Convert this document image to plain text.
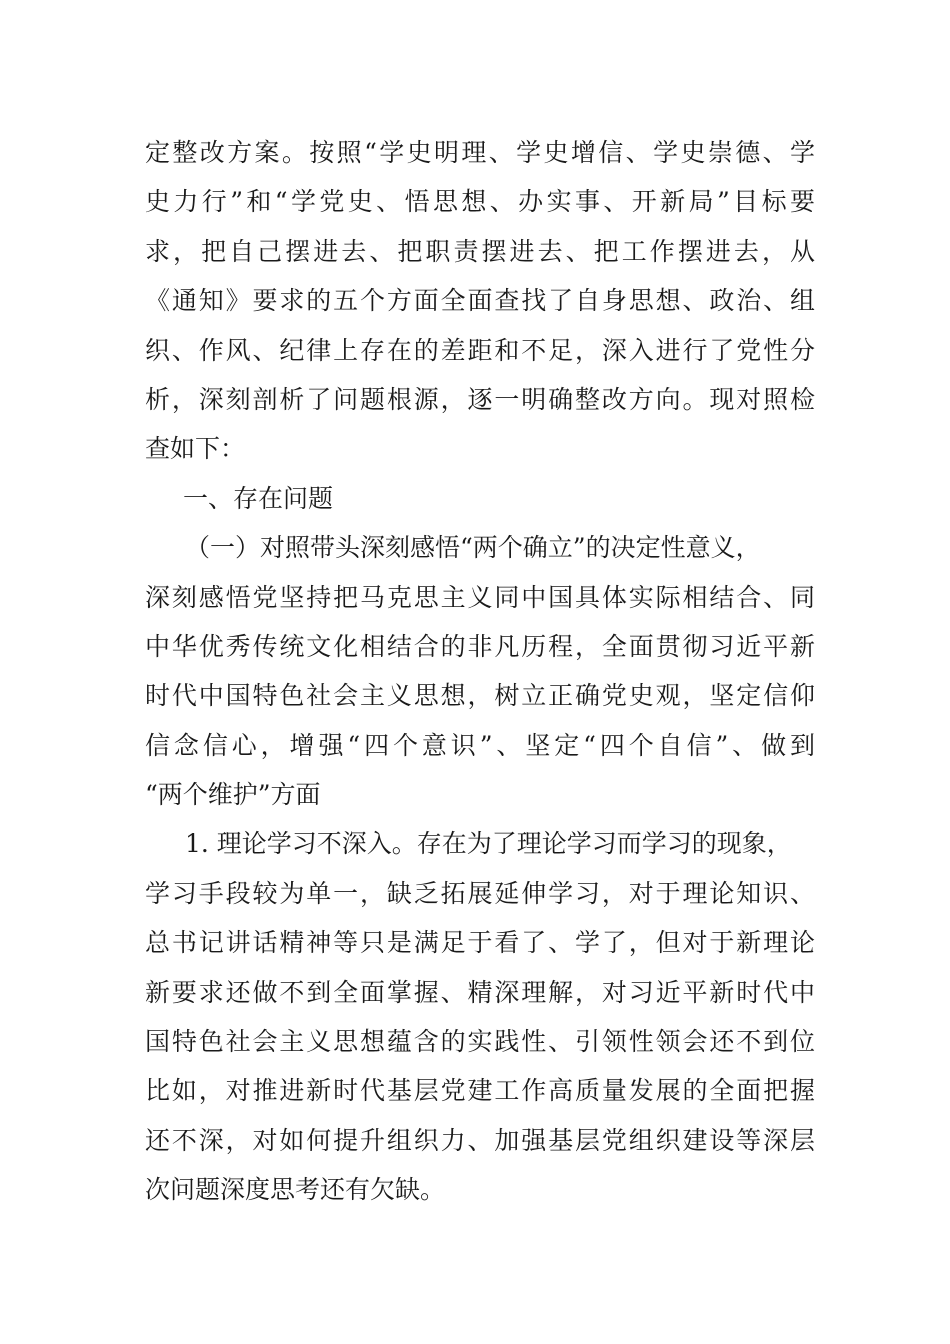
定整改方案。按照“学史明理、学史增信、学史崇德、学
史力行”和“学党史、悟思想、办实事、开新局”目标要
求，把自己摆进去、把职责摆进去、把工作摆进去，从
《通知》要求的五个方面全面查找了自身思想、政治、组
织、作风、纪律上存在的差距和不足，深入进行了党性分
析，深刻剖析了问题根源，逐一明确整改方向。现对照检
查如下：
一、存在问题
（一）对照带头深刻感悟“两个确立”的决定性意义，
深刻感悟党坚持把马克思主义同中国具体实际相结合、同
中华优秀传统文化相结合的非凡历程，全面贯彻习近平新
时代中国特色社会主义思想，树立正确党史观，坚定信仰
信念信心，增强“四个意识”、坚定“四个自信”、做到
“两个维护”方面
1. 理论学习不深入。存在为了理论学习而学习的现象，
学习手段较为单一，缺乏拓展延伸学习，对于理论知识、
总书记讲话精神等只是满足于看了、学了，但对于新理论
新要求还做不到全面掌握、精深理解，对习近平新时代中
国特色社会主义思想蕴含的实践性、引领性领会还不到位
比如，对推进新时代基层党建工作高质量发展的全面把握
还不深，对如何提升组织力、加强基层党组织建设等深层
次问题深度思考还有欠缺。
